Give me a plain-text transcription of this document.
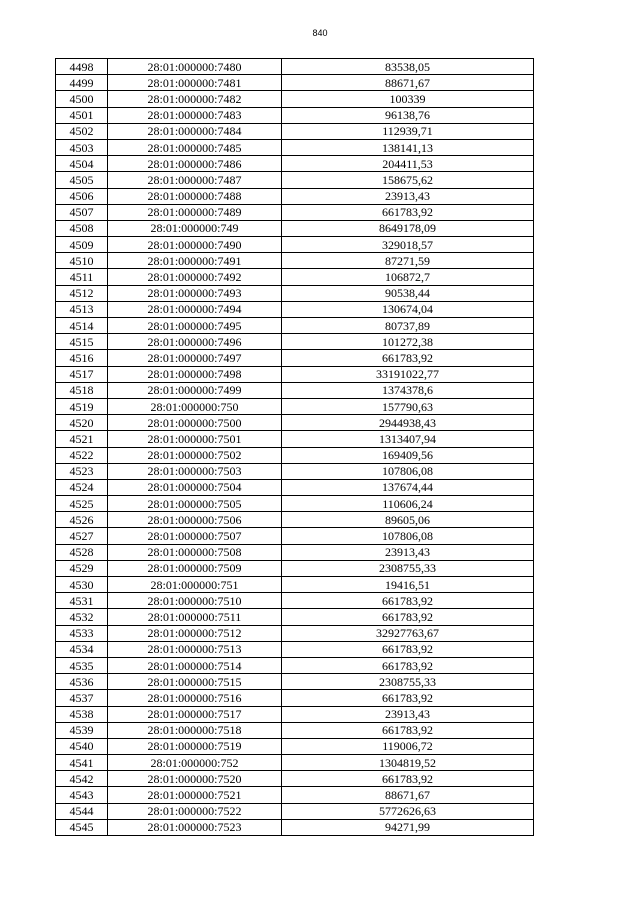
840
4498	28:01:000000:7480	83538,05
4499	28:01:000000:7481	88671,67
4500	28:01:000000:7482	100339
4501	28:01:000000:7483	96138,76
4502	28:01:000000:7484	112939,71
4503	28:01:000000:7485	138141,13
4504	28:01:000000:7486	204411,53
4505	28:01:000000:7487	158675,62
4506	28:01:000000:7488	23913,43
4507	28:01:000000:7489	661783,92
4508	28:01:000000:749	8649178,09
4509	28:01:000000:7490	329018,57
4510	28:01:000000:7491	87271,59
4511	28:01:000000:7492	106872,7
4512	28:01:000000:7493	90538,44
4513	28:01:000000:7494	130674,04
4514	28:01:000000:7495	80737,89
4515	28:01:000000:7496	101272,38
4516	28:01:000000:7497	661783,92
4517	28:01:000000:7498	33191022,77
4518	28:01:000000:7499	1374378,6
4519	28:01:000000:750	157790,63
4520	28:01:000000:7500	2944938,43
4521	28:01:000000:7501	1313407,94
4522	28:01:000000:7502	169409,56
4523	28:01:000000:7503	107806,08
4524	28:01:000000:7504	137674,44
4525	28:01:000000:7505	110606,24
4526	28:01:000000:7506	89605,06
4527	28:01:000000:7507	107806,08
4528	28:01:000000:7508	23913,43
4529	28:01:000000:7509	2308755,33
4530	28:01:000000:751	19416,51
4531	28:01:000000:7510	661783,92
4532	28:01:000000:7511	661783,92
4533	28:01:000000:7512	32927763,67
4534	28:01:000000:7513	661783,92
4535	28:01:000000:7514	661783,92
4536	28:01:000000:7515	2308755,33
4537	28:01:000000:7516	661783,92
4538	28:01:000000:7517	23913,43
4539	28:01:000000:7518	661783,92
4540	28:01:000000:7519	119006,72
4541	28:01:000000:752	1304819,52
4542	28:01:000000:7520	661783,92
4543	28:01:000000:7521	88671,67
4544	28:01:000000:7522	5772626,63
4545	28:01:000000:7523	94271,99
